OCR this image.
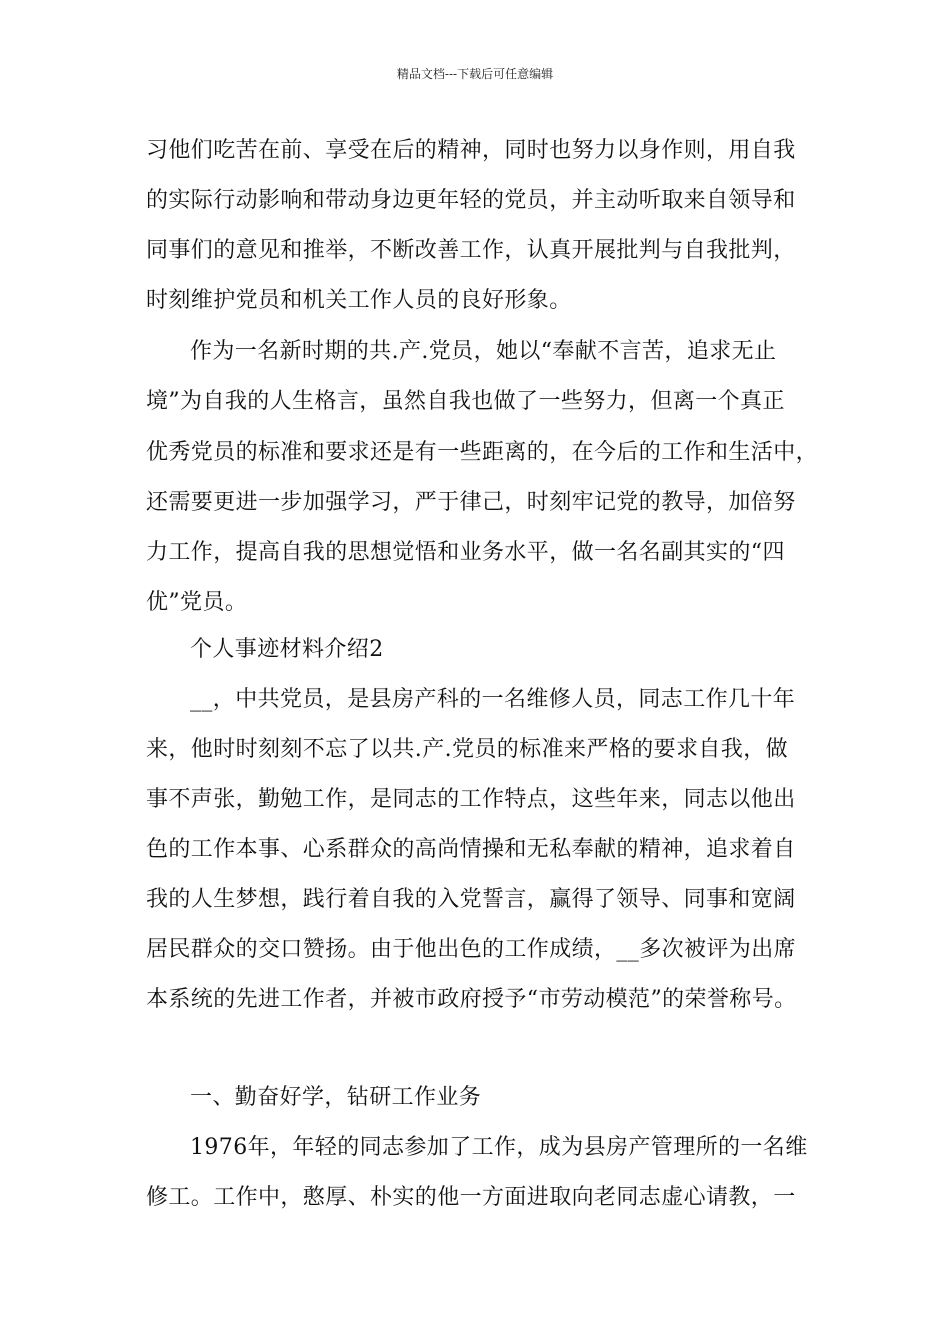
精品文档---下载后可任意编辑
习他们吃苦在前、享受在后的精神，同时也努力以身作则，用自我
的实际行动影响和带动身边更年轻的党员，并主动听取来自领导和
同事们的意见和推举，不断改善工作，认真开展批判与自我批判，
时刻维护党员和机关工作人员的良好形象。
作为一名新时期的共.产.党员，她以“奉献不言苦，追求无止
境”为自我的人生格言，虽然自我也做了一些努力，但离一个真正
优秀党员的标准和要求还是有一些距离的，在今后的工作和生活中，
还需要更进一步加强学习，严于律己，时刻牢记党的教导，加倍努
力工作，提高自我的思想觉悟和业务水平，做一名名副其实的“四
优”党员。
个人事迹材料介绍2
__，中共党员，是县房产科的一名维修人员，同志工作几十年
来，他时时刻刻不忘了以共.产.党员的标准来严格的要求自我，做
事不声张，勤勉工作，是同志的工作特点，这些年来，同志以他出
色的工作本事、心系群众的高尚情操和无私奉献的精神，追求着自
我的人生梦想，践行着自我的入党誓言，赢得了领导、同事和宽阔
居民群众的交口赞扬。由于他出色的工作成绩，__多次被评为出席
本系统的先进工作者，并被市政府授予“市劳动模范”的荣誉称号。
一、勤奋好学，钻研工作业务
1976年，年轻的同志参加了工作，成为县房产管理所的一名维
修工。工作中，憨厚、朴实的他一方面进取向老同志虚心请教，一
